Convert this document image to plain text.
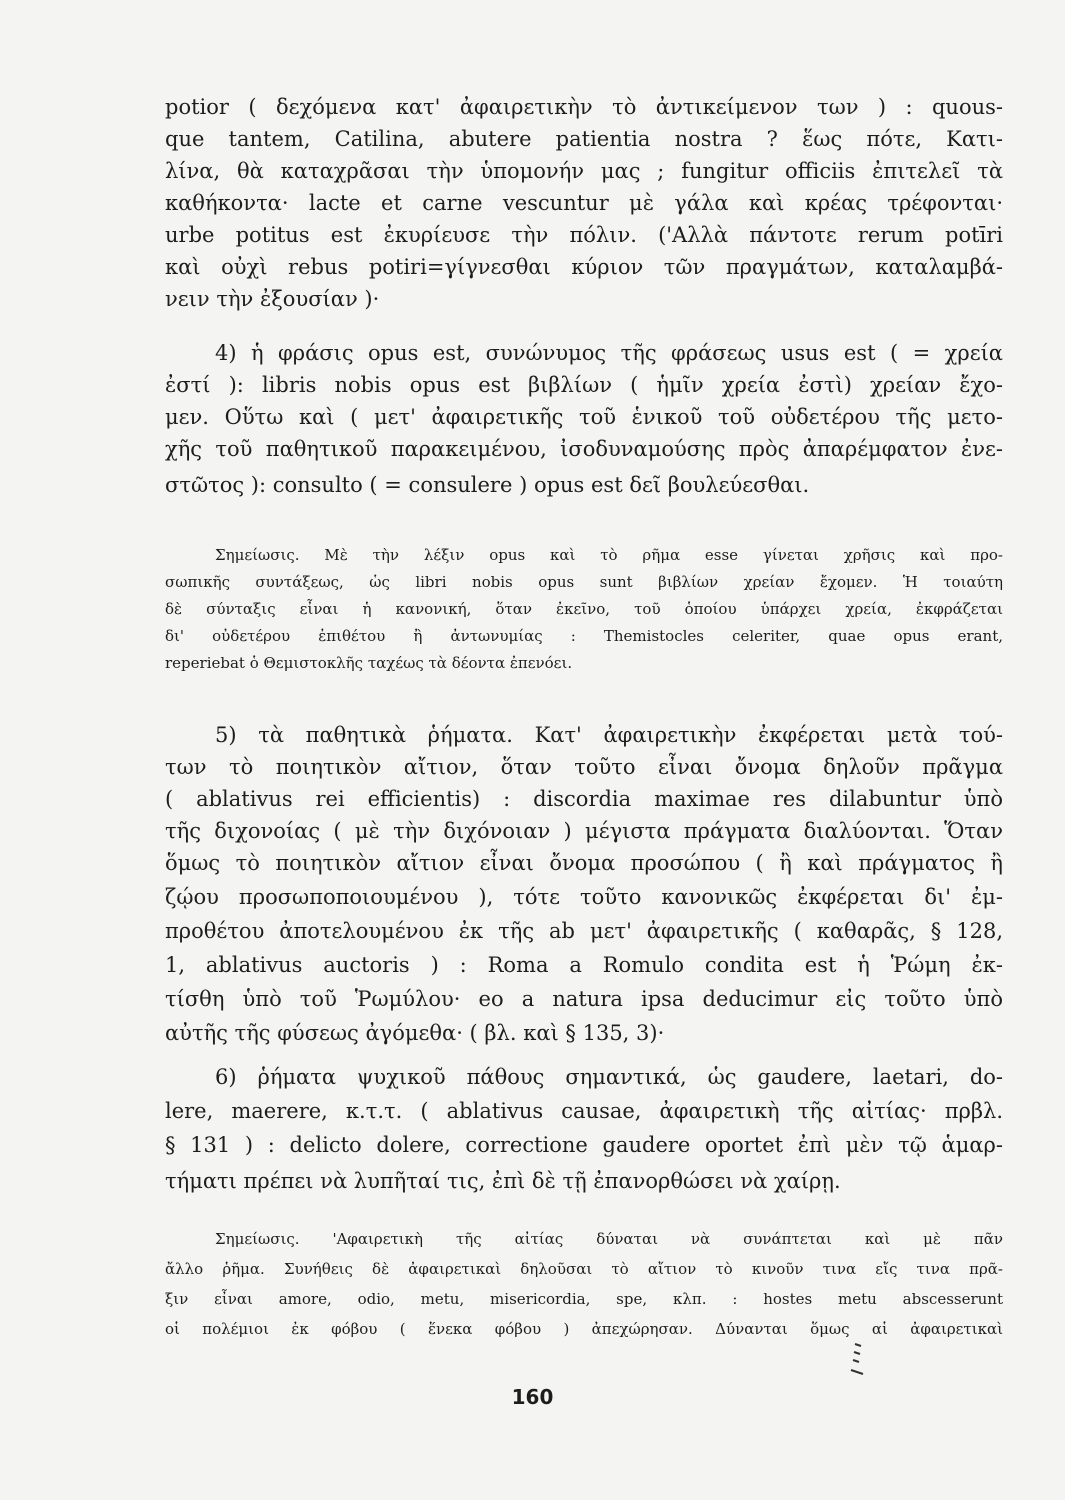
potior ( δεχόμενα κατ' ἀφαιρετικὴν τὸ ἀντικείμενον των ) : quous-
que tantem, Catilina, abutere patientia nostra ? ἕως πότε, Κατι-
λίνα, θὰ καταχρᾶσαι τὴν ὑπομονήν μας ; fungitur officiis ἐπιτελεῖ τὰ
καθήκοντα· lacte et carne vescuntur μὲ γάλα καὶ κρέας τρέφονται·
urbe potitus est ἐκυρίευσε τὴν πόλιν. ('Αλλὰ πάντοτε rerum potīri
καὶ οὐχὶ rebus potiri=γίγνεσθαι κύριον τῶν πραγμάτων, καταλαμβά-
νειν τὴν ἐξουσίαν )·
4) ἡ φράσις opus est, συνώνυμος τῆς φράσεως usus est ( = χρεία
ἐστί ): libris nobis opus est βιβλίων ( ἡμῖν χρεία ἐστὶ) χρείαν ἔχο-
μεν. Οὕτω καὶ ( μετ' ἀφαιρετικῆς τοῦ ἑνικοῦ τοῦ οὐδετέρου τῆς μετο-
χῆς τοῦ παθητικοῦ παρακειμένου, ἰσοδυναμούσης πρὸς ἀπαρέμφατον ἐνε-
στῶτος ): consulto ( = consulere ) opus est δεῖ βουλεύεσθαι.
Σημείωσις. Μὲ τὴν λέξιν opus καὶ τὸ ρῆμα esse γίνεται χρῆσις καὶ προ-
σωπικῆς συντάξεως, ὡς libri nobis opus sunt βιβλίων χρείαν ἔχομεν. Ἡ τοιαύτη
δὲ σύνταξις εἶναι ἡ κανονική, ὅταν ἐκεῖνο, τοῦ ὁποίου ὑπάρχει χρεία, ἐκφράζεται
δι' οὐδετέρου ἐπιθέτου ἢ ἀντωνυμίας : Themistocles celeriter, quae opus erant,
reperiebat ὁ Θεμιστοκλῆς ταχέως τὰ δέοντα ἐπενόει.
5) τὰ παθητικὰ ῥήματα. Κατ' ἀφαιρετικὴν ἐκφέρεται μετὰ τού-
των τὸ ποιητικὸν αἴτιον, ὅταν τοῦτο εἶναι ὄνομα δηλοῦν πρᾶγμα
( ablativus rei efficientis) : discordia maximae res dilabuntur ὑπὸ
τῆς διχονοίας ( μὲ τὴν διχόνοιαν ) μέγιστα πράγματα διαλύονται. Ὅταν
ὅμως τὸ ποιητικὸν αἴτιον εἶναι ὄνομα προσώπου ( ἢ καὶ πράγματος ἢ
ζῴου προσωποποιουμένου ), τότε τοῦτο κανονικῶς ἐκφέρεται δι' ἐμ-
προθέτου ἀποτελουμένου ἐκ τῆς ab μετ' ἀφαιρετικῆς ( καθαρᾶς, § 128,
1, ablativus auctoris ) : Roma a Romulo condita est ἡ Ῥώμη ἐκ-
τίσθη ὑπὸ τοῦ Ῥωμύλου· eo a natura ipsa deducimur εἰς τοῦτο ὑπὸ
αὐτῆς τῆς φύσεως ἀγόμεθα· ( βλ. καὶ § 135, 3)·
6) ῥήματα ψυχικοῦ πάθους σημαντικά, ὡς gaudere, laetari, do-
lere, maerere, κ.τ.τ. ( ablativus causae, ἀφαιρετικὴ τῆς αἰτίας· πρβλ.
§ 131 ) : delicto dolere, correctione gaudere oportet ἐπὶ μὲν τῷ ἁμαρ-
τήματι πρέπει νὰ λυπῆταί τις, ἐπὶ δὲ τῇ ἐπανορθώσει νὰ χαίρῃ.
Σημείωσις. 'Αφαιρετικὴ τῆς αἰτίας δύναται νὰ συνάπτεται καὶ μὲ πᾶν
ἄλλο ῥῆμα. Συνήθεις δὲ ἀφαιρετικαὶ δηλοῦσαι τὸ αἴτιον τὸ κινοῦν τινα εἴς τινα πρᾶ-
ξιν εἶναι amore, odio, metu, misericordia, spe, κλπ. : hostes metu abscesserunt
οἱ πολέμιοι ἐκ φόβου ( ἕνεκα φόβου ) ἀπεχώρησαν. Δύνανται ὅμως αἱ ἀφαιρετικαὶ
160
